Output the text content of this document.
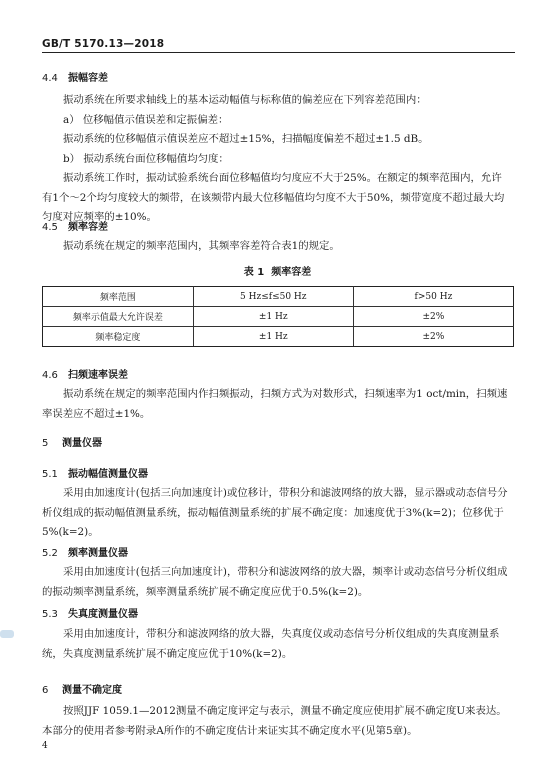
GB/T 5170.13—2018
4.4 振幅容差
振动系统在所要求轴线上的基本运动幅值与标称值的偏差应在下列容差范围内：
a） 位移幅值示值误差和定振偏差：
振动系统的位移幅值示值误差应不超过±15%，扫描幅度偏差不超过±1.5 dB。
b） 振动系统台面位移幅值均匀度：
振动系统工作时，振动试验系统台面位移幅值均匀度应不大于25%。在额定的频率范围内，允许有1个～2个均匀度较大的频带，在该频带内最大位移幅值均匀度不大于50%，频带宽度不超过最大均匀度对应频率的±10%。
4.5 频率容差
振动系统在规定的频率范围内，其频率容差符合表1的规定。
表 1 频率容差
频率范围	5 Hz≤f≤50 Hz	f>50 Hz
频率示值最大允许误差	±1 Hz	±2%
频率稳定度	±1 Hz	±2%
4.6 扫频速率误差
振动系统在规定的频率范围内作扫频振动，扫频方式为对数形式，扫频速率为1 oct/min，扫频速率误差应不超过±1%。
5 测量仪器
5.1 振动幅值测量仪器
采用由加速度计(包括三向加速度计)或位移计，带积分和滤波网络的放大器，显示器或动态信号分析仪组成的振动幅值测量系统，振动幅值测量系统的扩展不确定度：加速度优于3%(k=2)；位移优于5%(k=2)。
5.2 频率测量仪器
采用由加速度计(包括三向加速度计)，带积分和滤波网络的放大器，频率计或动态信号分析仪组成的振动频率测量系统，频率测量系统扩展不确定度应优于0.5%(k=2)。
5.3 失真度测量仪器
采用由加速度计，带积分和滤波网络的放大器，失真度仪或动态信号分析仪组成的失真度测量系统，失真度测量系统扩展不确定度应优于10%(k=2)。
6 测量不确定度
按照JJF 1059.1—2012测量不确定度评定与表示，测量不确定度应使用扩展不确定度U来表达。本部分的使用者参考附录A所作的不确定度估计来证实其不确定度水平(见第5章)。
4
